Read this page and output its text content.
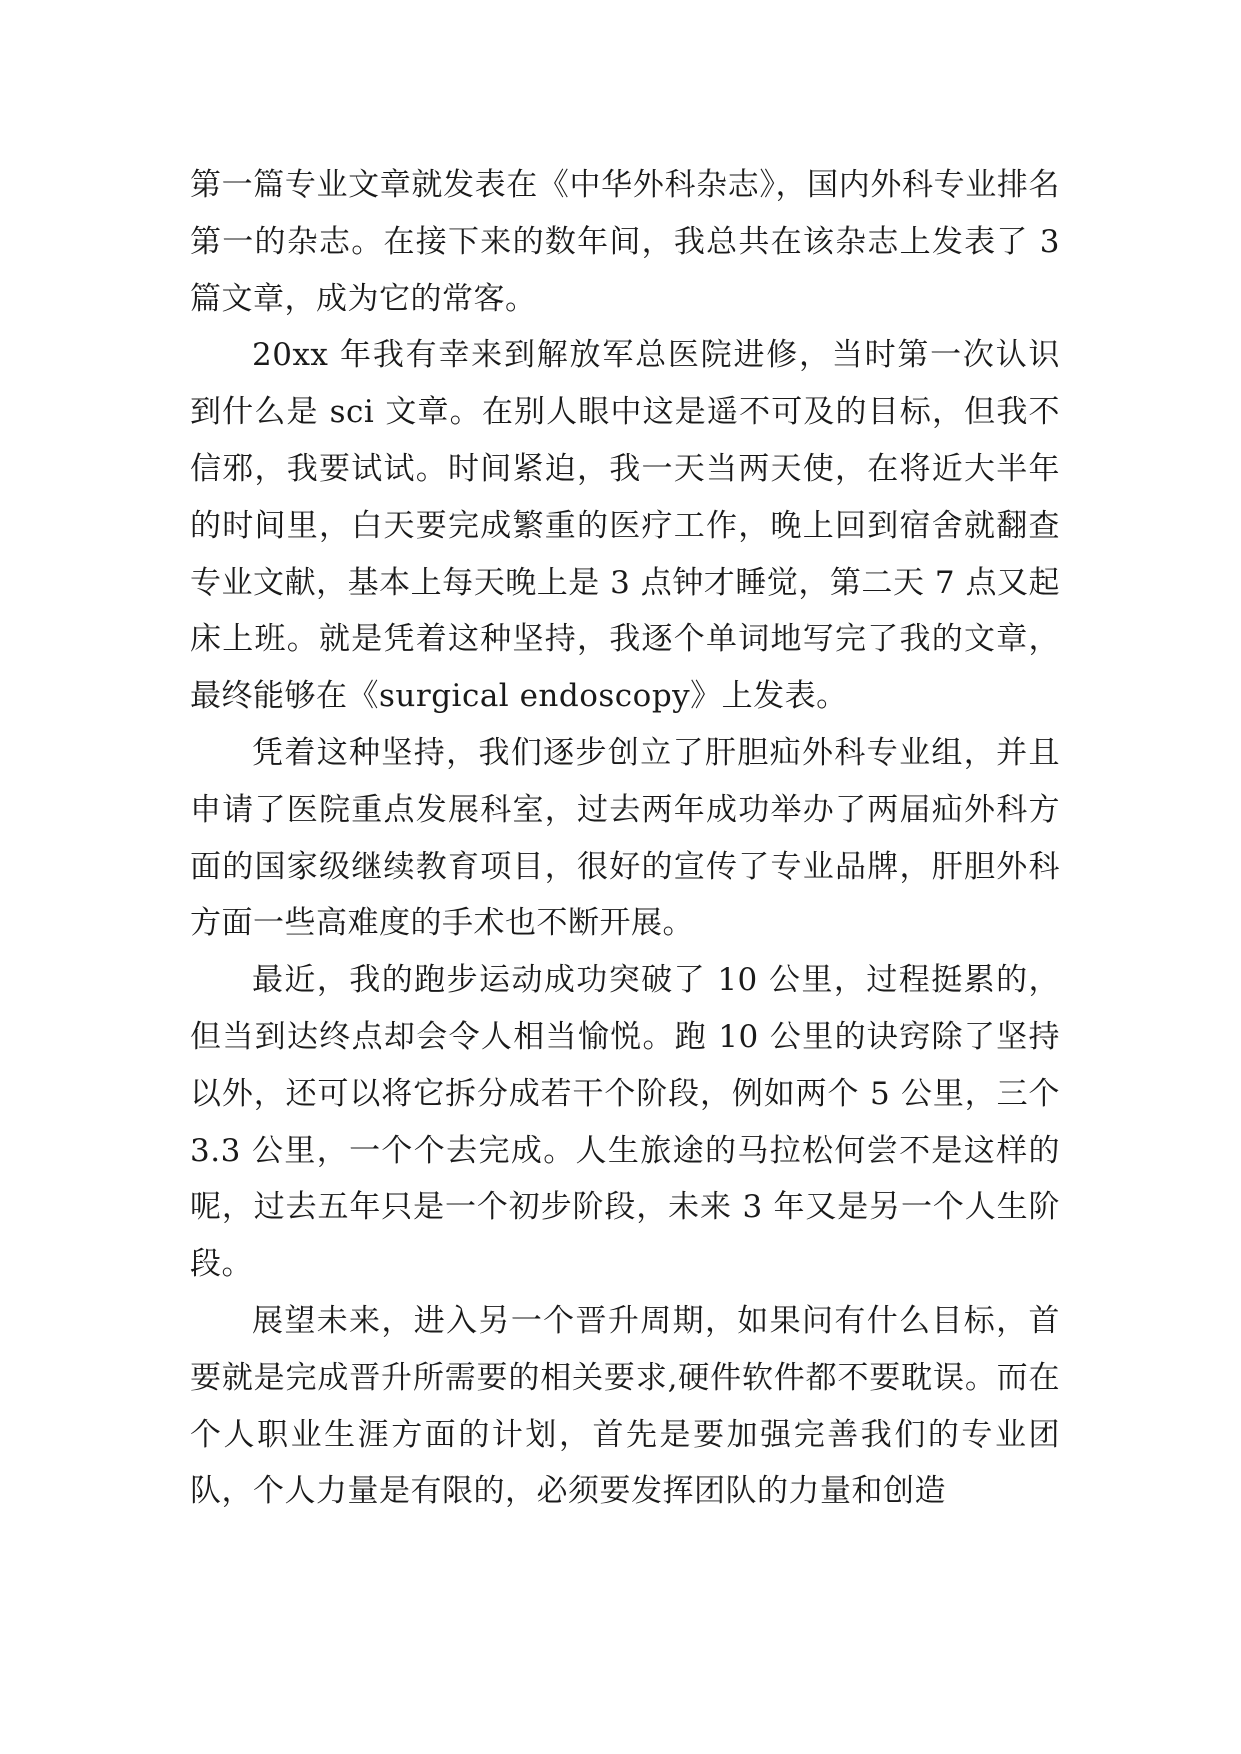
第一篇专业文章就发表在《中华外科杂志》，国内外科专业排名第一的杂志。在接下来的数年间，我总共在该杂志上发表了 3 篇文章，成为它的常客。

20xx 年我有幸来到解放军总医院进修，当时第一次认识到什么是 sci 文章。在别人眼中这是遥不可及的目标，但我不信邪，我要试试。时间紧迫，我一天当两天使，在将近大半年的时间里，白天要完成繁重的医疗工作，晚上回到宿舍就翻查专业文献，基本上每天晚上是 3 点钟才睡觉，第二天 7 点又起床上班。就是凭着这种坚持，我逐个单词地写完了我的文章，最终能够在《surgical endoscopy》上发表。

凭着这种坚持，我们逐步创立了肝胆疝外科专业组，并且申请了医院重点发展科室，过去两年成功举办了两届疝外科方面的国家级继续教育项目，很好的宣传了专业品牌，肝胆外科方面一些高难度的手术也不断开展。

最近，我的跑步运动成功突破了 10 公里，过程挺累的，但当到达终点却会令人相当愉悦。跑 10 公里的诀窍除了坚持以外，还可以将它拆分成若干个阶段，例如两个 5 公里，三个 3.3 公里，一个个去完成。人生旅途的马拉松何尝不是这样的呢，过去五年只是一个初步阶段，未来 3 年又是另一个人生阶段。

展望未来，进入另一个晋升周期，如果问有什么目标，首要就是完成晋升所需要的相关要求,硬件软件都不要耽误。而在个人职业生涯方面的计划，首先是要加强完善我们的专业团队，个人力量是有限的，必须要发挥团队的力量和创造
